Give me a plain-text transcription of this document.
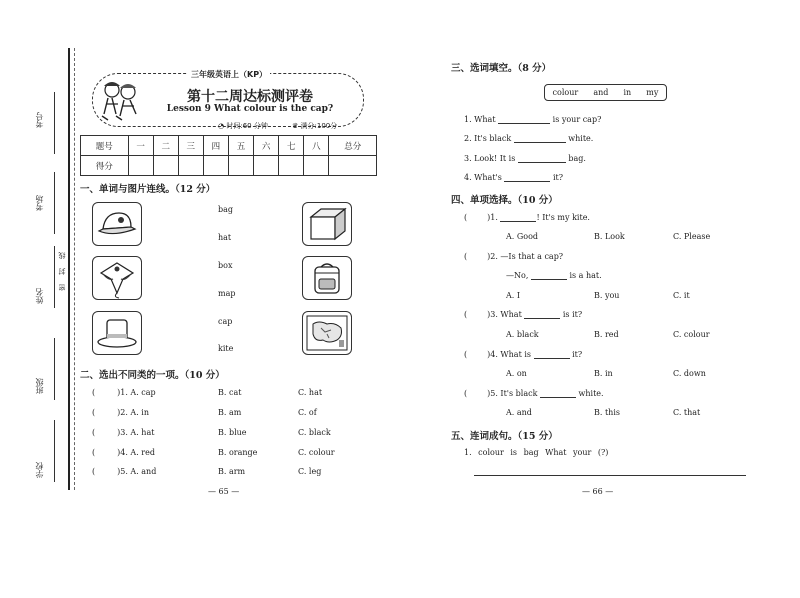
考号
考场
姓名
线
封
密
班级
学校
三年级英语上（KP）
第十二周达标测评卷
Lesson 9 What colour is the cap?
◔ 时间:60 分钟	♛ 满分:100分
题号	一	二	三	四	五	六	七	八	总分
得分									
一、单词与图片连线。（12 分）
bag
hat
box
map
cap
kite
二、选出不同类的一项。（10 分）
(	)1. A. cap	B. cat	C. hat
(	)2. A. in	B. am	C. of
(	)3. A. hat	B. blue	C. black
(	)4. A. red	B. orange	C. colour
(	)5. A. and	B. arm	C. leg
— 65 —
三、选词填空。（8 分）
colour and in my
1. What	is your cap?
2. It's black	white.
3. Look! It is	bag.
4. What's	it?
四、单项选择。（10 分）
(	)1.	! It's my kite.
A. Good	B. Look	C. Please
(	)2. —Is that a cap?
—No,	is a hat.
A. I	B. you	C. it
(	)3. What	is it?
A. black	B. red	C. colour
(	)4. What is	it?
A. on	B. in	C. down
(	)5. It's black	white.
A. and	B. this	C. that
五、连词成句。（15 分）
1. colour is bag What your (?)
— 66 —
